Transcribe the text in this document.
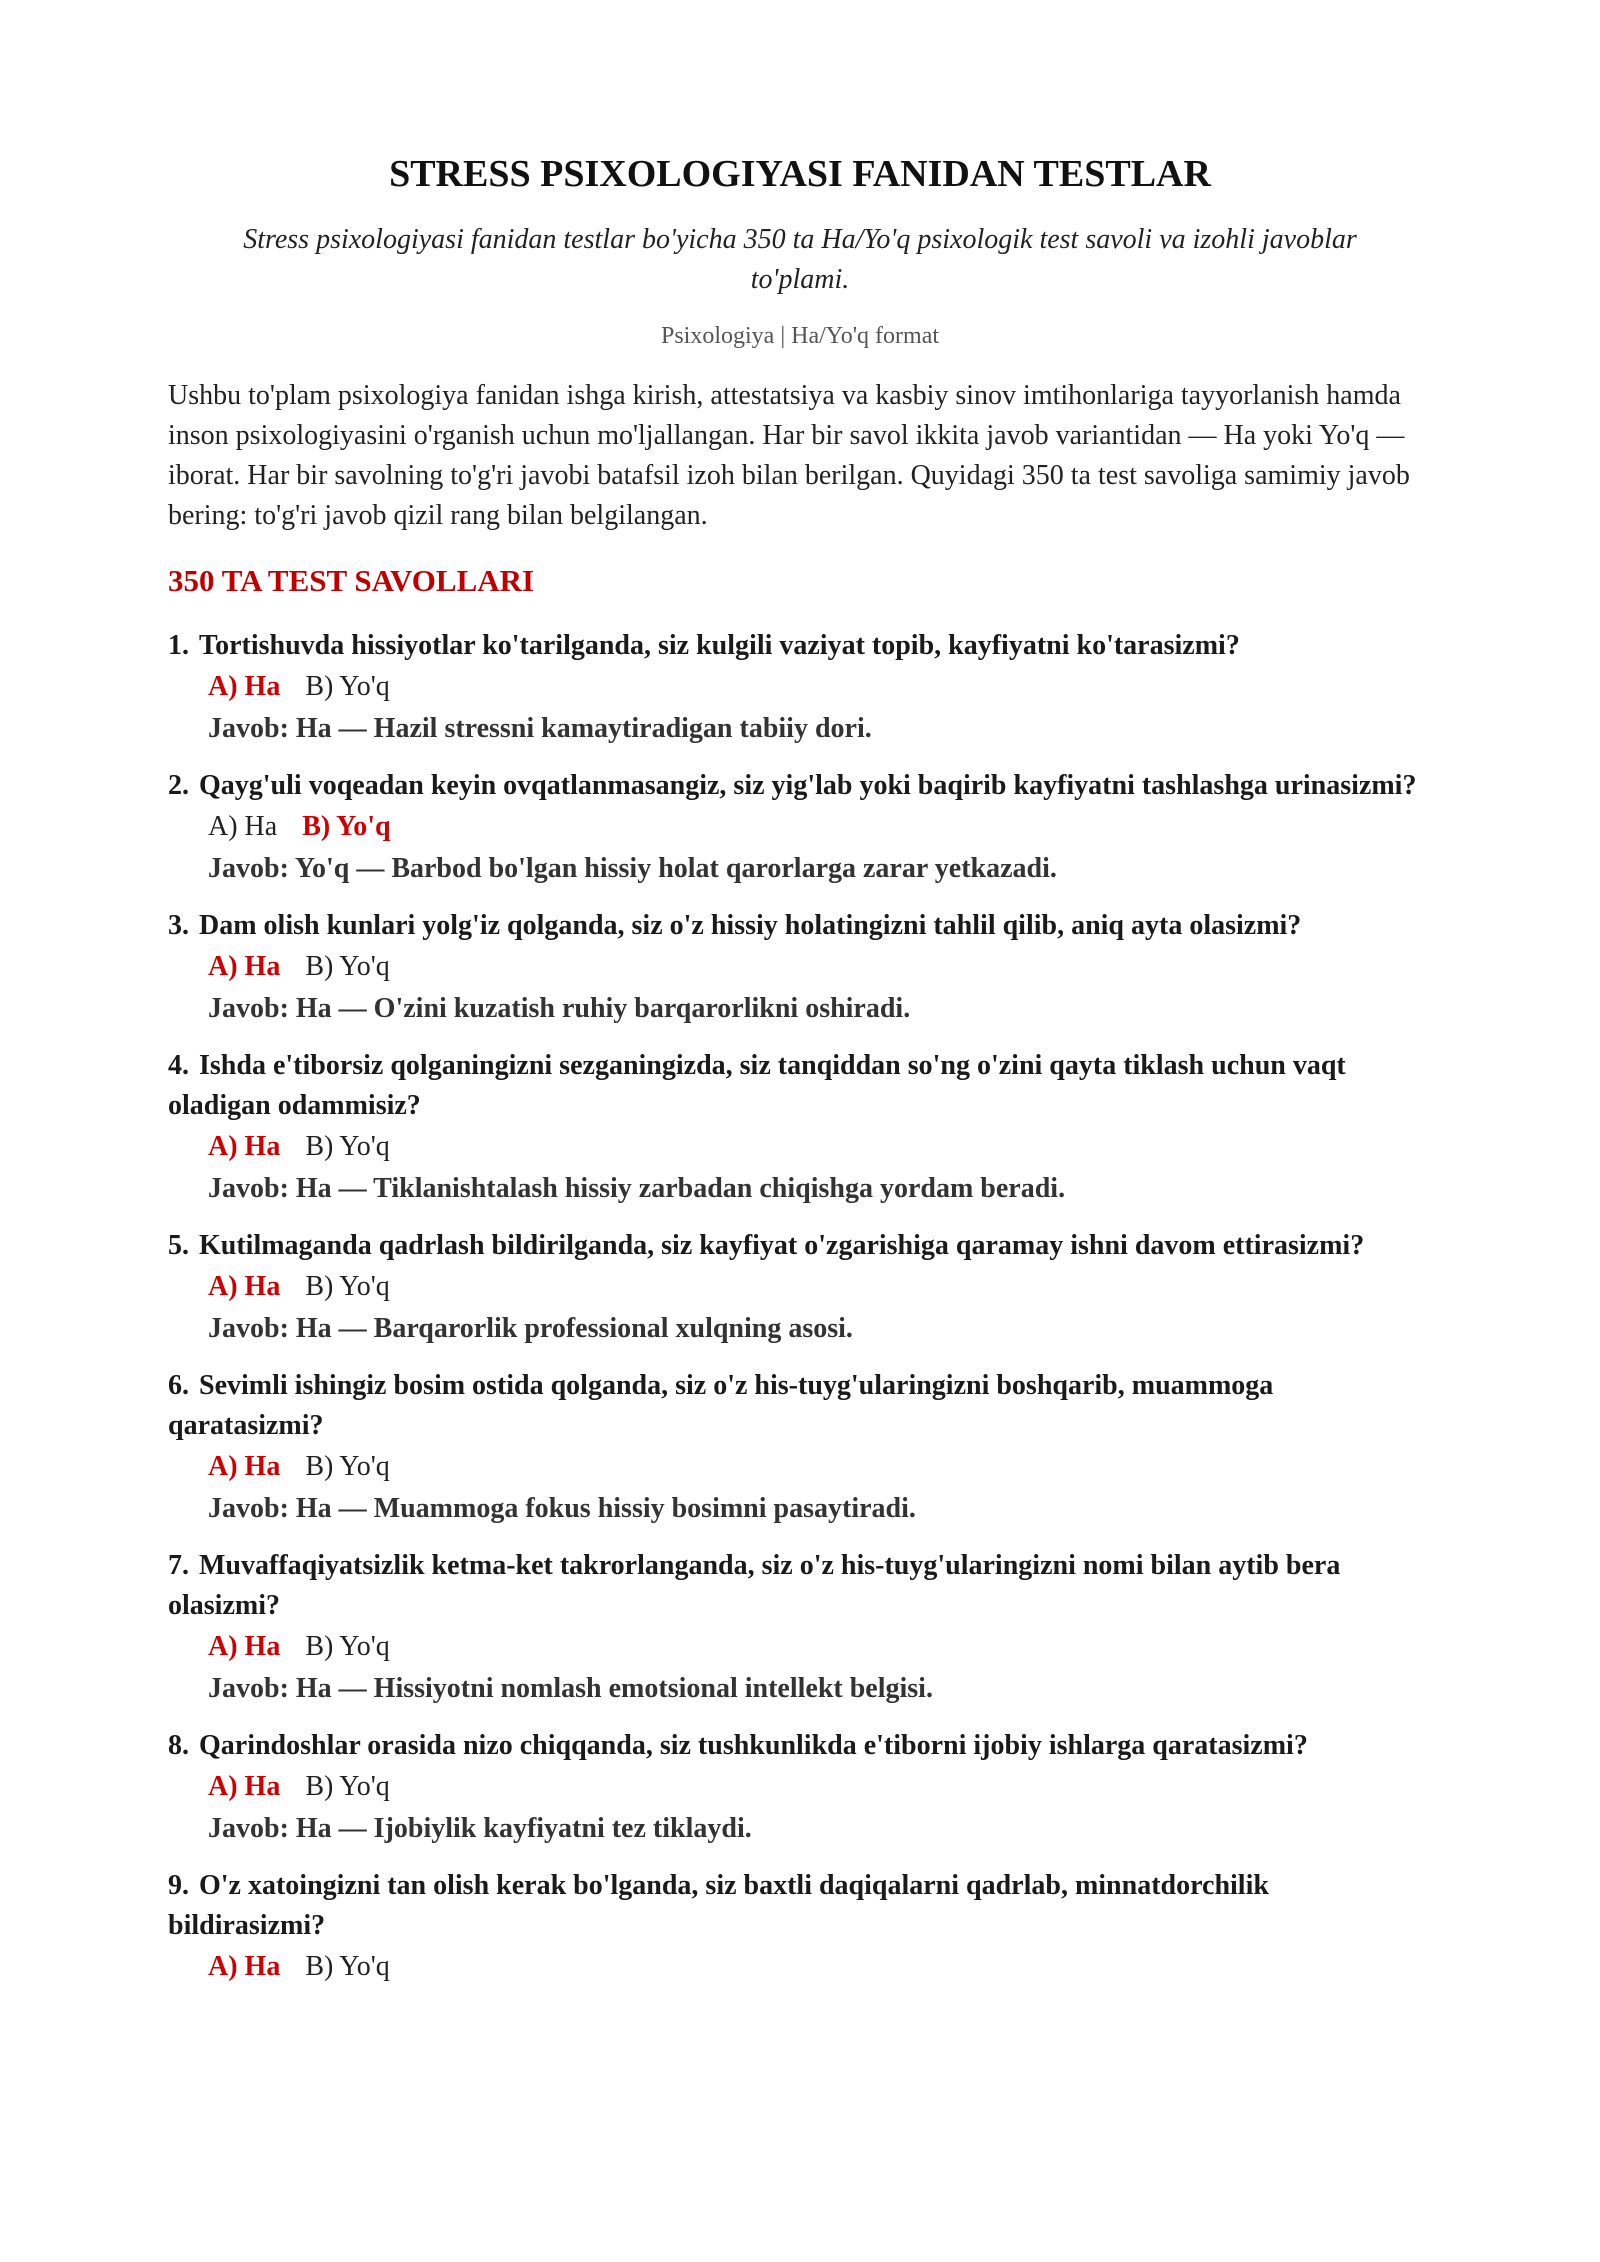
STRESS PSIXOLOGIYASI FANIDAN TESTLAR
Stress psixologiyasi fanidan testlar bo'yicha 350 ta Ha/Yo'q psixologik test savoli va izohli javoblar to'plami.
Psixologiya | Ha/Yo'q format
Ushbu to'plam psixologiya fanidan ishga kirish, attestatsiya va kasbiy sinov imtihonlariga tayyorlanish hamda inson psixologiyasini o'rganish uchun mo'ljallangan. Har bir savol ikkita javob variantidan — Ha yoki Yo'q — iborat. Har bir savolning to'g'ri javobi batafsil izoh bilan berilgan. Quyidagi 350 ta test savoliga samimiy javob bering: to'g'ri javob qizil rang bilan belgilangan.
350 TA TEST SAVOLLARI
1. Tortishuvda hissiyotlar ko'tarilganda, siz kulgili vaziyat topib, kayfiyatni ko'tarasizmi?
A) Ha B) Yo'q
Javob: Ha — Hazil stressni kamaytiradigan tabiiy dori.
2. Qayg'uli voqeadan keyin ovqatlanmasangiz, siz yig'lab yoki baqirib kayfiyatni tashlashga urinasizmi?
A) Ha B) Yo'q
Javob: Yo'q — Barbod bo'lgan hissiy holat qarorlarga zarar yetkazadi.
3. Dam olish kunlari yolg'iz qolganda, siz o'z hissiy holatingizni tahlil qilib, aniq ayta olasizmi?
A) Ha B) Yo'q
Javob: Ha — O'zini kuzatish ruhiy barqarorlikni oshiradi.
4. Ishda e'tiborsiz qolganingizni sezganingizda, siz tanqiddan so'ng o'zini qayta tiklash uchun vaqt oladigan odammisiz?
A) Ha B) Yo'q
Javob: Ha — Tiklanishtalash hissiy zarbadan chiqishga yordam beradi.
5. Kutilmaganda qadrlash bildirilganda, siz kayfiyat o'zgarishiga qaramay ishni davom ettirasizmi?
A) Ha B) Yo'q
Javob: Ha — Barqarorlik professional xulqning asosi.
6. Sevimli ishingiz bosim ostida qolganda, siz o'z his-tuyg'ularingizni boshqarib, muammoga qaratasizmi?
A) Ha B) Yo'q
Javob: Ha — Muammoga fokus hissiy bosimni pasaytiradi.
7. Muvaffaqiyatsizlik ketma-ket takrorlanganda, siz o'z his-tuyg'ularingizni nomi bilan aytib bera olasizmi?
A) Ha B) Yo'q
Javob: Ha — Hissiyotni nomlash emotsional intellekt belgisi.
8. Qarindoshlar orasida nizo chiqqanda, siz tushkunlikda e'tiborni ijobiy ishlarga qaratasizmi?
A) Ha B) Yo'q
Javob: Ha — Ijobiylik kayfiyatni tez tiklaydi.
9. O'z xatoingizni tan olish kerak bo'lganda, siz baxtli daqiqalarni qadrlab, minnatdorchilik bildirasizmi?
A) Ha B) Yo'q
